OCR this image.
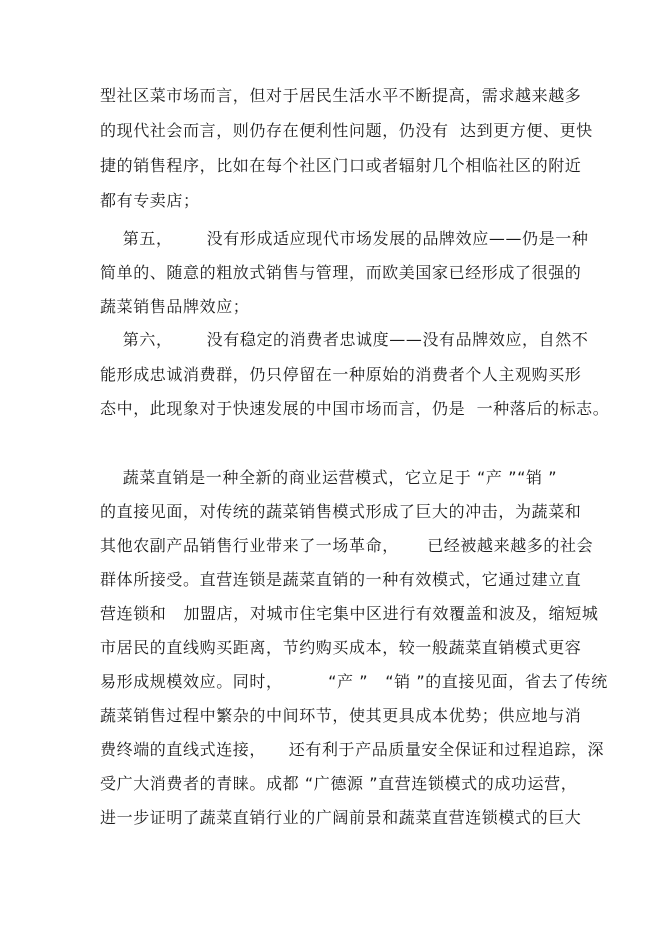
型社区菜市场而言，但对于居民生活水平不断提高，需求越来越多
的现代社会而言，则仍存在便利性问题，仍没有  达到更方便、更快
捷的销售程序，比如在每个社区门口或者辐射几个相临社区的附近
都有专卖店；
第五，      没有形成适应现代市场发展的品牌效应——仍是一种
简单的、随意的粗放式销售与管理，而欧美国家已经形成了很强的
蔬菜销售品牌效应；
第六，      没有稳定的消费者忠诚度——没有品牌效应，自然不
能形成忠诚消费群，仍只停留在一种原始的消费者个人主观购买形
态中，此现象对于快速发展的中国市场而言，仍是  一种落后的标志。
蔬菜直销是一种全新的商业运营模式，它立足于 “产 ”“销 ”
的直接见面，对传统的蔬菜销售模式形成了巨大的冲击，为蔬菜和
其他农副产品销售行业带来了一场革命，     已经被越来越多的社会
群体所接受。直营连锁是蔬菜直销的一种有效模式，它通过建立直
营连锁和   加盟店，对城市住宅集中区进行有效覆盖和波及，缩短城
市居民的直线购买距离，节约购买成本，较一般蔬菜直销模式更容
易形成规模效应。同时，        “产 ”   “销 ”的直接见面，省去了传统
蔬菜销售过程中繁杂的中间环节，使其更具成本优势；供应地与消
费终端的直线式连接，    还有利于产品质量安全保证和过程追踪，深
受广大消费者的青睐。成都 “广德源 ”直营连锁模式的成功运营，
进一步证明了蔬菜直销行业的广阔前景和蔬菜直营连锁模式的巨大
